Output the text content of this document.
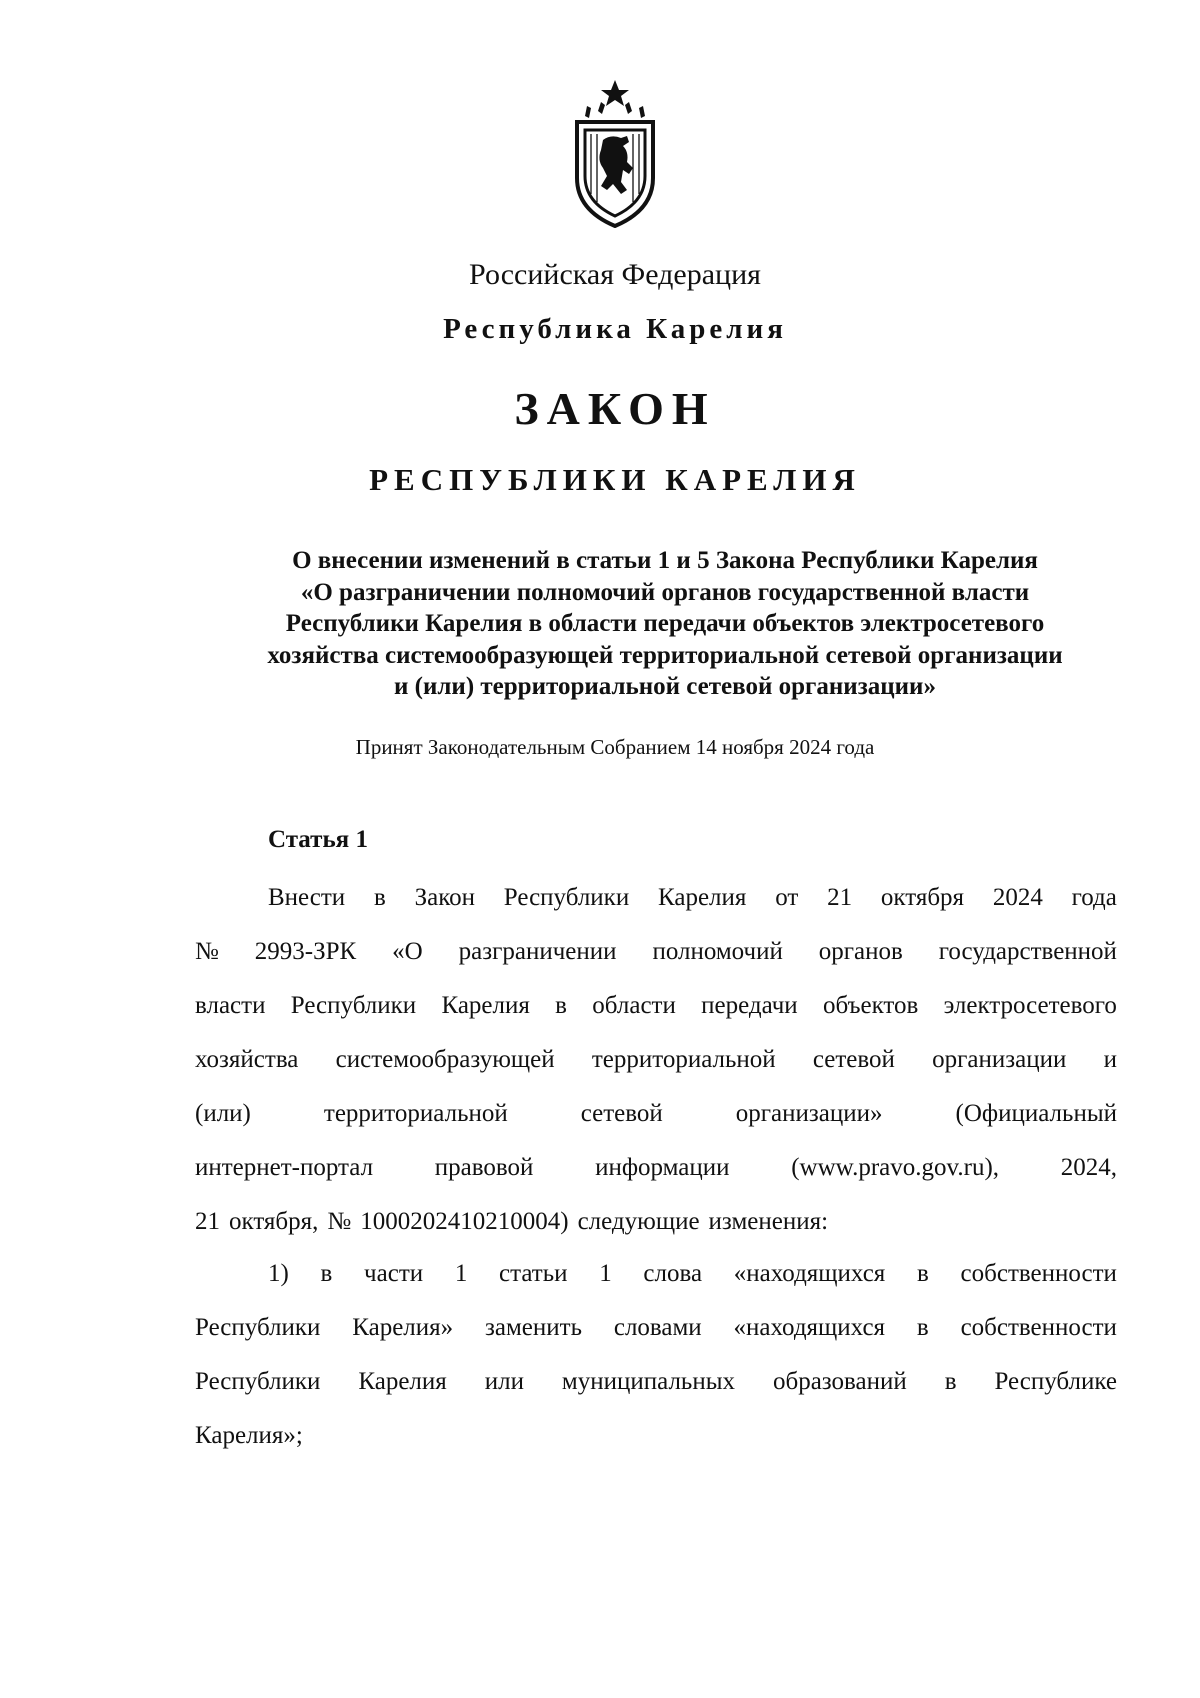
Российская Федерация
Республика Карелия
ЗАКОН
РЕСПУБЛИКИ КАРЕЛИЯ
О внесении изменений в статьи 1 и 5 Закона Республики Карелия
«О разграничении полномочий органов государственной власти
Республики Карелия в области передачи объектов электросетевого
хозяйства системообразующей территориальной сетевой организации
и (или) территориальной сетевой организации»
Принят Законодательным Собранием 14 ноября 2024 года
Статья 1
Внести в Закон Республики Карелия от 21 октября 2024 года
№ 2993-ЗРК «О разграничении полномочий органов государственной
власти Республики Карелия в области передачи объектов электросетевого
хозяйства системообразующей территориальной сетевой организации и
(или)	территориальной	сетевой	организации»	(Официальный
интернет-портал правовой информации (www.pravo.gov.ru), 2024,
21 октября, № 1000202410210004) следующие изменения:
1) в части 1 статьи 1 слова «находящихся в собственности
Республики Карелия» заменить словами «находящихся в собственности
Республики Карелия или муниципальных образований в Республике
Карелия»;
